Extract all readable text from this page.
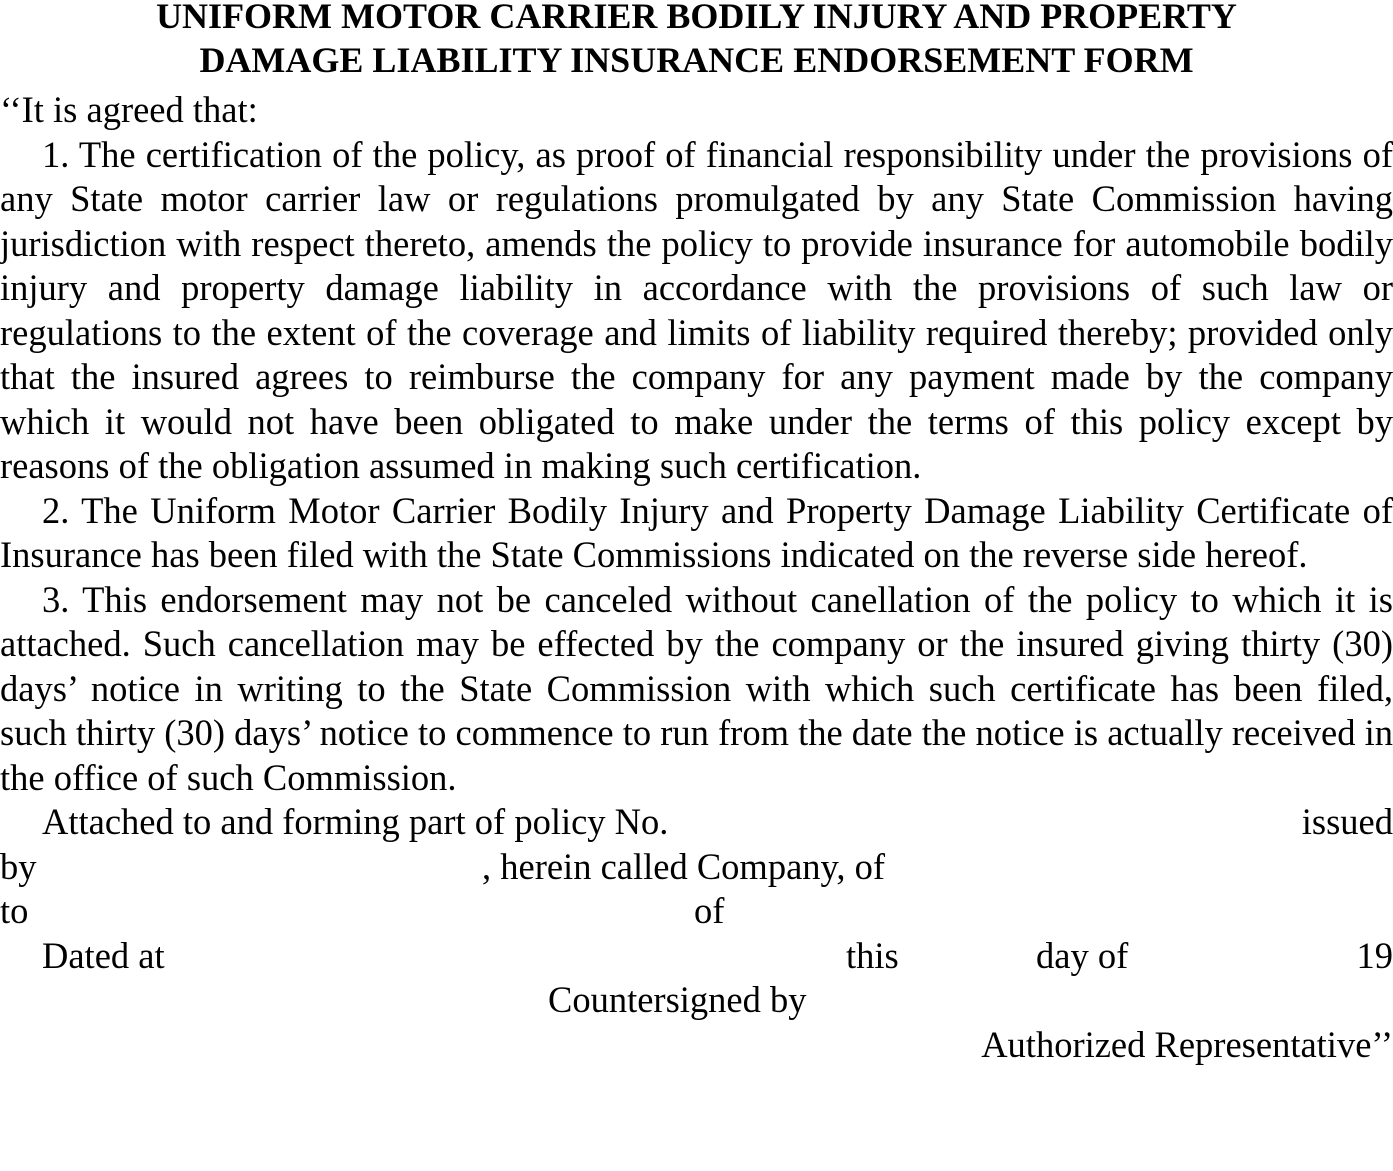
UNIFORM MOTOR CARRIER BODILY INJURY AND PROPERTY
DAMAGE LIABILITY INSURANCE ENDORSEMENT FORM

‘‘It is agreed that:

1. The certification of the policy, as proof of financial responsibility under the provisions of any State motor carrier law or regulations promulgated by any State Commission having jurisdiction with respect thereto, amends the policy to provide insurance for automobile bodily injury and property damage liability in accordance with the provisions of such law or regulations to the extent of the coverage and limits of liability required thereby; provided only that the insured agrees to reimburse the company for any payment made by the company which it would not have been obligated to make under the terms of this policy except by reasons of the obligation assumed in making such certification.

2. The Uniform Motor Carrier Bodily Injury and Property Damage Liability Certificate of Insurance has been filed with the State Commissions indicated on the reverse side hereof.

3. This endorsement may not be canceled without canellation of the policy to which it is attached. Such cancellation may be effected by the company or the insured giving thirty (30) days’ notice in writing to the State Commission with which such certificate has been filed, such thirty (30) days’ notice to commence to run from the date the notice is actually received in the office of such Commission.

Attached to and forming part of policy No.	issued
by	, herein called Company, of
to	of
Dated at	this	day of	19
Countersigned by
Authorized Representative’’
